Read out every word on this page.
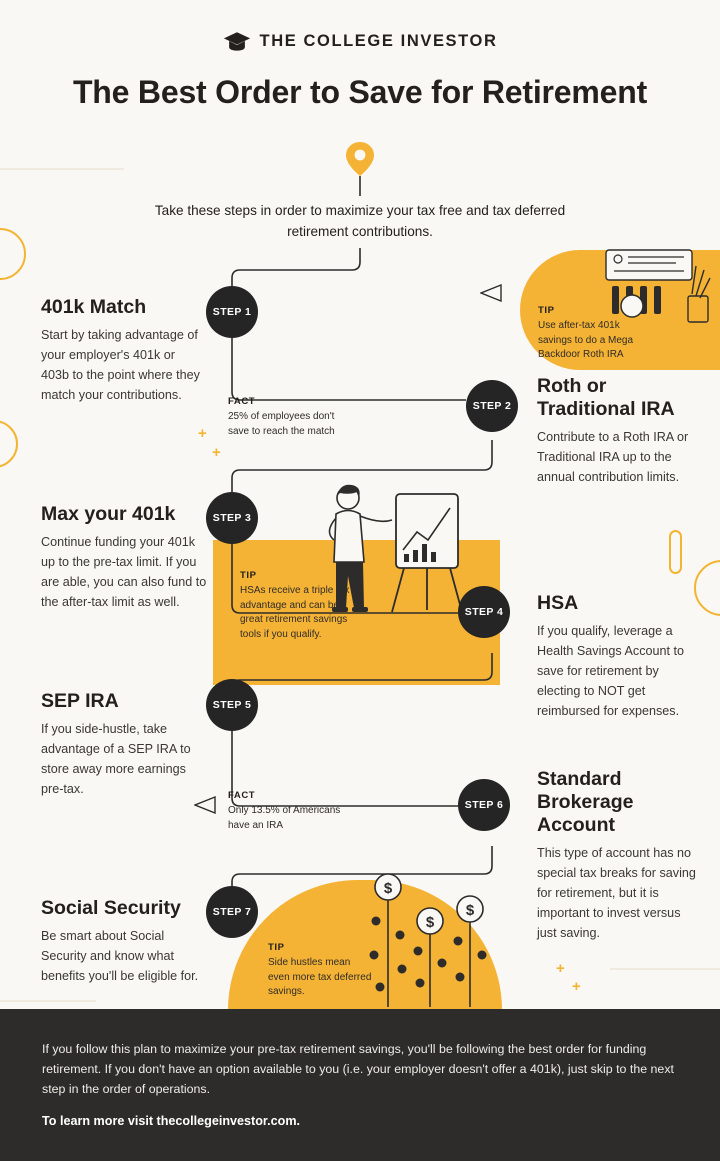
+
+
+
+
THE COLLEGE INVESTOR
The Best Order to Save for Retirement
Take these steps in order to maximize your tax free and tax deferred retirement contributions.
STEP 1
STEP 2
STEP 3
STEP 4
STEP 5
STEP 6
STEP 7
401k Match

Start by taking advantage of your employer's 401k or 403b to the point where they match your contributions.	Roth or Traditional IRA

Contribute to a Roth IRA or Traditional IRA up to the annual contribution limits.

Max your 401k

Continue funding your 401k up to the pre-tax limit. If you are able, you can also fund to the after-tax limit as well.	HSA

If you qualify, leverage a Health Savings Account to save for retirement by electing to NOT get reimbursed for expenses.

SEP IRA

If you side-hustle, take advantage of a SEP IRA to store away more earnings pre-tax.	Standard Brokerage Account

This type of account has no special tax breaks for saving for retirement, but it is important to invest versus just saving.

Social Security

Be smart about Social Security and know what benefits you'll be eligible for.

TIP
Use after-tax 401k savings to do a Mega Backdoor Roth IRA
FACT
25% of employees don't save to reach the match
TIP
HSAs receive a triple tax advantage and can be great retirement savings tools if you qualify.
FACT
Only 13.5% of Americans have an IRA
TIP
Side hustles mean even more tax deferred savings.
$
$
$
If you follow this plan to maximize your pre-tax retirement savings, you'll be following the best order for funding retirement. If you don't have an option available to you (i.e. your employer doesn't offer a 401k), just skip to the next step in the order of operations.
To learn more visit thecollegeinvestor.com.
